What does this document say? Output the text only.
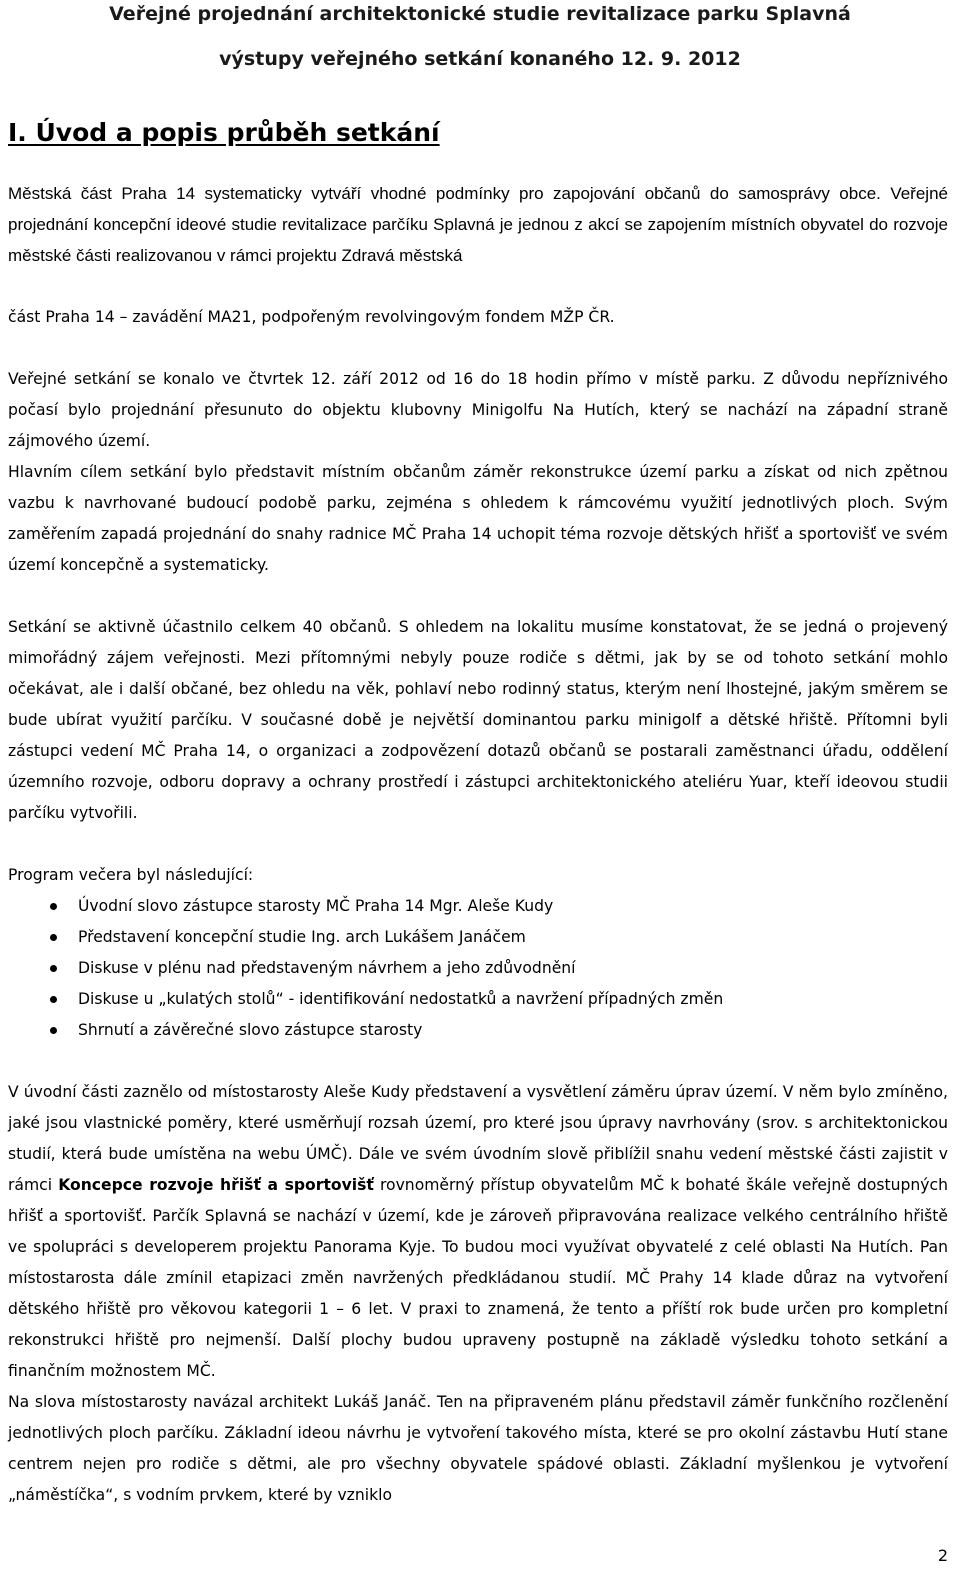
Veřejné projednání architektonické studie revitalizace parku Splavná
výstupy veřejného setkání konaného 12. 9. 2012
I. Úvod a popis průběh setkání

Městská část Praha 14 systematicky vytváří vhodné podmínky pro zapojování občanů do samosprávy obce. Veřejné projednání koncepční ideové studie revitalizace parčíku Splavná je jednou z akcí se zapojením místních obyvatel do rozvoje městské části realizovanou v rámci projektu Zdravá městská

část Praha 14 – zavádění MA21, podpořeným revolvingovým fondem MŽP ČR.

Veřejné setkání se konalo ve čtvrtek 12. září 2012 od 16 do 18 hodin přímo v místě parku. Z důvodu nepříznivého počasí bylo projednání přesunuto do objektu klubovny Minigolfu Na Hutích, který se nachází na západní straně zájmového území.

Hlavním cílem setkání bylo představit místním občanům záměr rekonstrukce území parku a získat od nich zpětnou vazbu k navrhované budoucí podobě parku, zejména s ohledem k rámcovému využití jednotlivých ploch. Svým zaměřením zapadá projednání do snahy radnice MČ Praha 14 uchopit téma rozvoje dětských hřišť a sportovišť ve svém území koncepčně a systematicky.

Setkání se aktivně účastnilo celkem 40 občanů. S ohledem na lokalitu musíme konstatovat, že se jedná o projevený mimořádný zájem veřejnosti. Mezi přítomnými nebyly pouze rodiče s dětmi, jak by se od tohoto setkání mohlo očekávat, ale i další občané, bez ohledu na věk, pohlaví nebo rodinný status, kterým není lhostejné, jakým směrem se bude ubírat využití parčíku. V současné době je největší dominantou parku minigolf a dětské hřiště. Přítomni byli zástupci vedení MČ Praha 14, o organizaci a zodpovězení dotazů občanů se postarali zaměstnanci úřadu, oddělení územního rozvoje, odboru dopravy a ochrany prostředí i zástupci architektonického ateliéru Yuar, kteří ideovou studii parčíku vytvořili.

Program večera byl následující:

Úvodní slovo zástupce starosty MČ Praha 14 Mgr. Aleše Kudy
Představení koncepční studie Ing. arch Lukášem Janáčem
Diskuse v plénu nad představeným návrhem a jeho zdůvodnění
Diskuse u „kulatých stolů“ - identifikování nedostatků a navržení případných změn
Shrnutí a závěrečné slovo zástupce starosty

V úvodní části zaznělo od místostarosty Aleše Kudy představení a vysvětlení záměru úprav území. V něm bylo zmíněno, jaké jsou vlastnické poměry, které usměrňují rozsah území, pro které jsou úpravy navrhovány (srov. s architektonickou studií, která bude umístěna na webu ÚMČ). Dále ve svém úvodním slově přiblížil snahu vedení městské části zajistit v rámci Koncepce rozvoje hřišť a sportovišť rovnoměrný přístup obyvatelům MČ k bohaté škále veřejně dostupných hřišť a sportovišť. Parčík Splavná se nachází v území, kde je zároveň připravována realizace velkého centrálního hřiště ve spolupráci s developerem projektu Panorama Kyje. To budou moci využívat obyvatelé z celé oblasti Na Hutích. Pan místostarosta dále zmínil etapizaci změn navržených předkládanou studií. MČ Prahy 14 klade důraz na vytvoření dětského hřiště pro věkovou kategorii 1 – 6 let. V praxi to znamená, že tento a příští rok bude určen pro kompletní rekonstrukci hřiště pro nejmenší. Další plochy budou upraveny postupně na základě výsledku tohoto setkání a finančním možnostem MČ.

Na slova místostarosty navázal architekt Lukáš Janáč. Ten na připraveném plánu představil záměr funkčního rozčlenění jednotlivých ploch parčíku. Základní ideou návrhu je vytvoření takového místa, které se pro okolní zástavbu Hutí stane centrem nejen pro rodiče s dětmi, ale pro všechny obyvatele spádové oblasti. Základní myšlenkou je vytvoření „náměstíčka“, s vodním prvkem, které by vzniklo

2
